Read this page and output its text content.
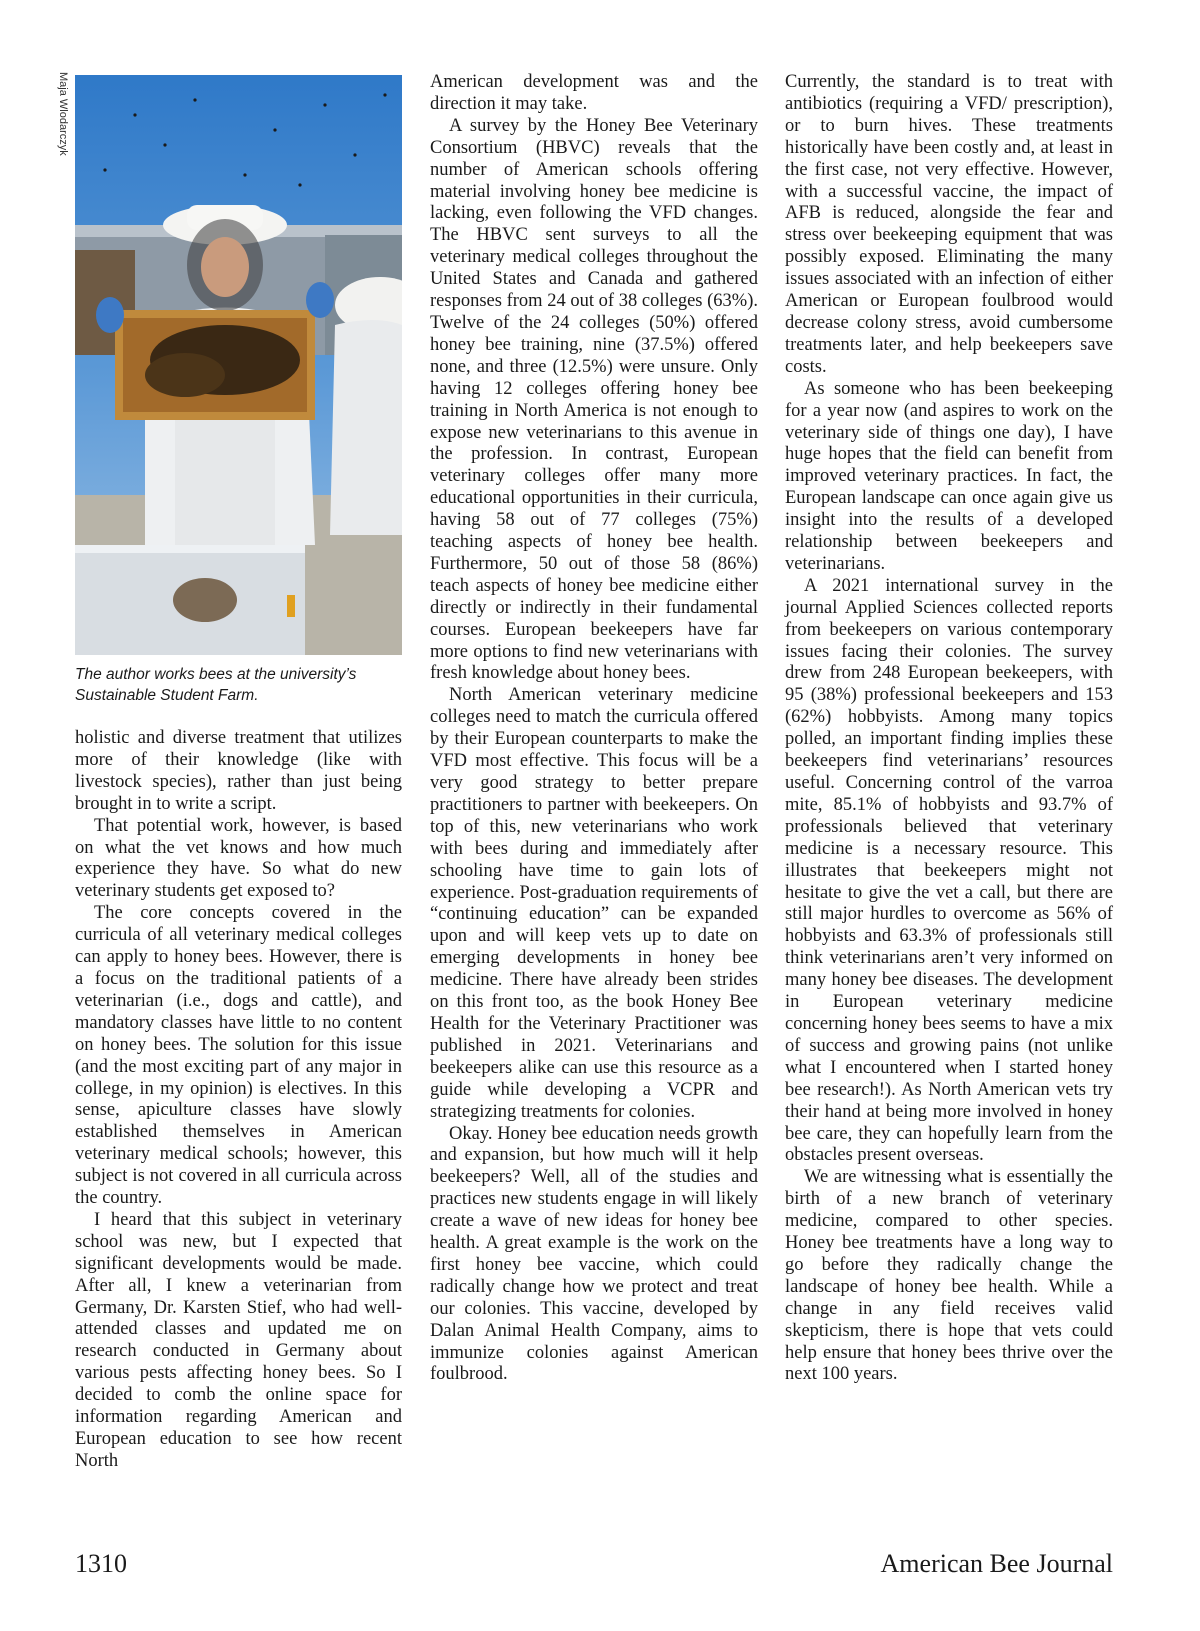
Maja Wlodarczyk
The author works bees at the university’s Sustainable Student Farm.

holistic and diverse treatment that utilizes more of their knowledge (like with livestock species), rather than just being brought in to write a script.

That potential work, however, is based on what the vet knows and how much experience they have. So what do new veterinary students get exposed to?

The core concepts covered in the curricula of all veterinary medical colleges can apply to honey bees. However, there is a focus on the traditional patients of a veterinarian (i.e., dogs and cattle), and mandatory classes have little to no content on honey bees. The solution for this issue (and the most exciting part of any major in college, in my opinion) is electives. In this sense, apiculture classes have slowly established themselves in American veterinary medical schools; however, this subject is not covered in all curricula across the country.

I heard that this subject in veterinary school was new, but I expected that significant developments would be made. After all, I knew a veterinarian from Germany, Dr. Karsten Stief, who had well-attended classes and updated me on research conducted in Germany about various pests affecting honey bees. So I decided to comb the online space for information regarding American and European education to see how recent North

American development was and the direction it may take.

A survey by the Honey Bee Veterinary Consortium (HBVC) reveals that the number of American schools offering material involving honey bee medicine is lacking, even following the VFD changes. The HBVC sent surveys to all the veterinary medical colleges throughout the United States and Canada and gathered responses from 24 out of 38 colleges (63%). Twelve of the 24 colleges (50%) offered honey bee training, nine (37.5%) offered none, and three (12.5%) were unsure. Only having 12 colleges offering honey bee training in North America is not enough to expose new veterinarians to this avenue in the profession. In contrast, European veterinary colleges offer many more educational opportunities in their curricula, having 58 out of 77 colleges (75%) teaching aspects of honey bee health. Furthermore, 50 out of those 58 (86%) teach aspects of honey bee medicine either directly or indirectly in their fundamental courses. European beekeepers have far more options to find new veterinarians with fresh knowledge about honey bees.

North American veterinary medicine colleges need to match the curricula offered by their European counterparts to make the VFD most effective. This focus will be a very good strategy to better prepare practitioners to partner with beekeepers. On top of this, new veterinarians who work with bees during and immediately after schooling have time to gain lots of experience. Post-graduation requirements of “continuing education” can be expanded upon and will keep vets up to date on emerging developments in honey bee medicine. There have already been strides on this front too, as the book Honey Bee Health for the Veterinary Practitioner was published in 2021. Veterinarians and beekeepers alike can use this resource as a guide while developing a VCPR and strategizing treatments for colonies.

Okay. Honey bee education needs growth and expansion, but how much will it help beekeepers? Well, all of the studies and practices new students engage in will likely create a wave of new ideas for honey bee health. A great example is the work on the first honey bee vaccine, which could radically change how we protect and treat our colonies. This vaccine, developed by Dalan Animal Health Company, aims to immunize colonies against American foulbrood.

Currently, the standard is to treat with antibiotics (requiring a VFD/ prescription), or to burn hives. These treatments historically have been costly and, at least in the first case, not very effective. However, with a successful vaccine, the impact of AFB is reduced, alongside the fear and stress over beekeeping equipment that was possibly exposed. Eliminating the many issues associated with an infection of either American or European foulbrood would decrease colony stress, avoid cumbersome treatments later, and help beekeepers save costs.

As someone who has been beekeeping for a year now (and aspires to work on the veterinary side of things one day), I have huge hopes that the field can benefit from improved veterinary practices. In fact, the European landscape can once again give us insight into the results of a developed relationship between beekeepers and veterinarians.

A 2021 international survey in the journal Applied Sciences collected reports from beekeepers on various contemporary issues facing their colonies. The survey drew from 248 European beekeepers, with 95 (38%) professional beekeepers and 153 (62%) hobbyists. Among many topics polled, an important finding implies these beekeepers find veterinarians’ resources useful. Concerning control of the varroa mite, 85.1% of hobbyists and 93.7% of professionals believed that veterinary medicine is a necessary resource. This illustrates that beekeepers might not hesitate to give the vet a call, but there are still major hurdles to overcome as 56% of hobbyists and 63.3% of professionals still think veterinarians aren’t very informed on many honey bee diseases. The development in European veterinary medicine concerning honey bees seems to have a mix of success and growing pains (not unlike what I encountered when I started honey bee research!). As North American vets try their hand at being more involved in honey bee care, they can hopefully learn from the obstacles present overseas.

We are witnessing what is essentially the birth of a new branch of veterinary medicine, compared to other species. Honey bee treatments have a long way to go before they radically change the landscape of honey bee health. While a change in any field receives valid skepticism, there is hope that vets could help ensure that honey bees thrive over the next 100 years.

1310	American Bee Journal
